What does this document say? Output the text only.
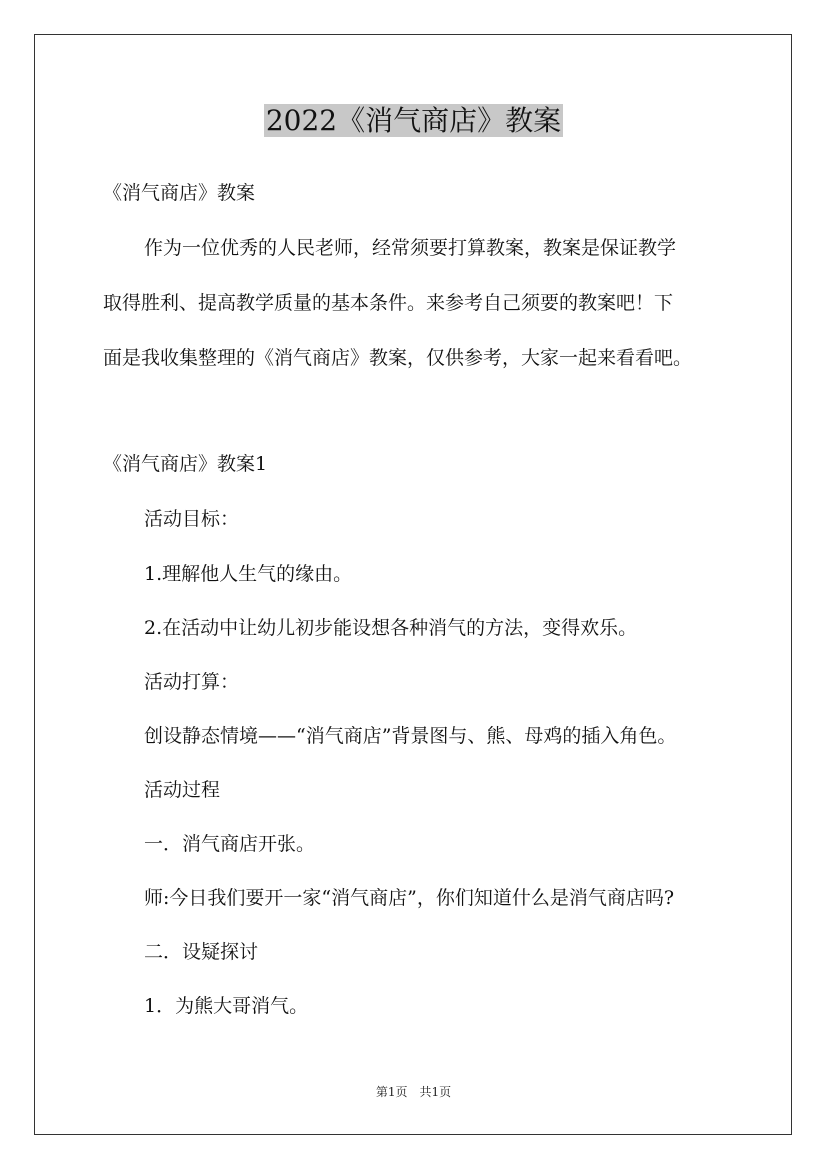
2022《消气商店》教案
《消气商店》教案
作为一位优秀的人民老师，经常须要打算教案，教案是保证教学
取得胜利、提高教学质量的基本条件。来参考自己须要的教案吧！下
面是我收集整理的《消气商店》教案，仅供参考，大家一起来看看吧。
《消气商店》教案1
活动目标：
1.理解他人生气的缘由。
2.在活动中让幼儿初步能设想各种消气的方法，变得欢乐。
活动打算：
创设静态情境——“消气商店”背景图与、熊、母鸡的插入角色。
活动过程
一．消气商店开张。
师:今日我们要开一家“消气商店”，你们知道什么是消气商店吗?
二．设疑探讨
1．为熊大哥消气。
第1页　共1页
